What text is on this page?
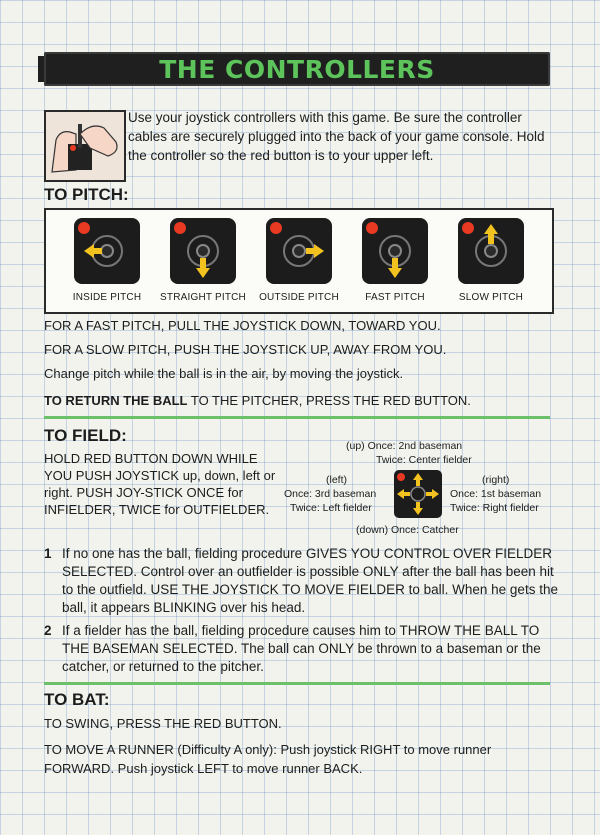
THE CONTROLLERS
Use your joystick controllers with this game. Be sure the controller cables are securely plugged into the back of your game console. Hold the controller so the red button is to your upper left.
TO PITCH:
INSIDE PITCH	STRAIGHT PITCH	OUTSIDE PITCH	FAST PITCH	SLOW PITCH
FOR A FAST PITCH, PULL THE JOYSTICK DOWN, TOWARD YOU.
FOR A SLOW PITCH, PUSH THE JOYSTICK UP, AWAY FROM YOU.
Change pitch while the ball is in the air, by moving the joystick.
TO RETURN THE BALL TO THE PITCHER, PRESS THE RED BUTTON.
TO FIELD:
HOLD RED BUTTON DOWN WHILE YOU PUSH JOYSTICK up, down, left or right. PUSH JOY-STICK ONCE for INFIELDER, TWICE for OUTFIELDER.
(up) Once: 2nd baseman
Twice: Center fielder
(left)
Once: 3rd baseman
Twice: Left fielder
(right)
Once: 1st baseman
Twice: Right fielder
(down) Once: Catcher
1 If no one has the ball, fielding procedure GIVES YOU CONTROL OVER FIELDER SELECTED. Control over an outfielder is possible ONLY after the ball has been hit to the outfield. USE THE JOYSTICK TO MOVE FIELDER to ball. When he gets the ball, it appears BLINKING over his head.
2 If a fielder has the ball, fielding procedure causes him to THROW THE BALL TO THE BASEMAN SELECTED. The ball can ONLY be thrown to a baseman or the catcher, or returned to the pitcher.
TO BAT:
TO SWING, PRESS THE RED BUTTON.
TO MOVE A RUNNER (Difficulty A only): Push joystick RIGHT to move runner FORWARD. Push joystick LEFT to move runner BACK.
